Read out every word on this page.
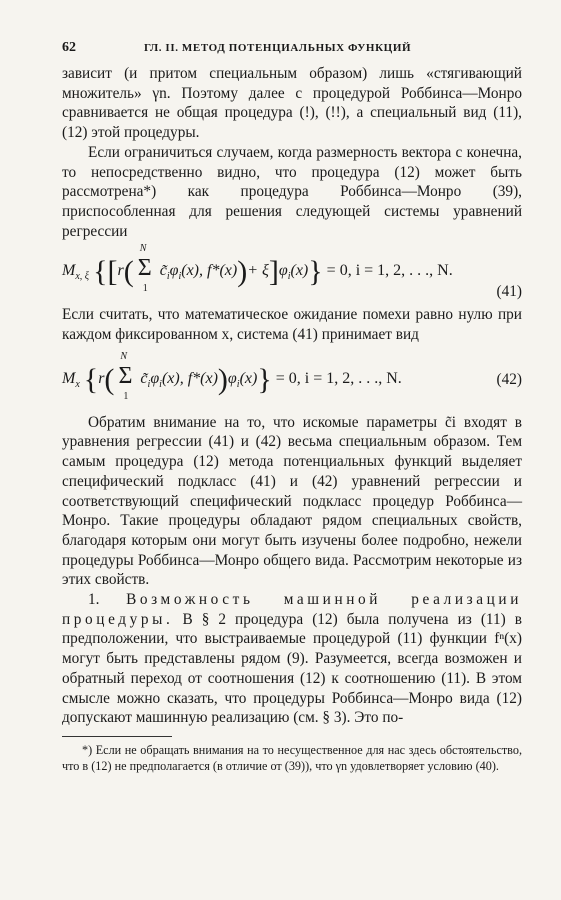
62	ГЛ. II. МЕТОД ПОТЕНЦИАЛЬНЫХ ФУНКЦИЙ

зависит (и притом специальным образом) лишь «стягивающий множитель» γn. Поэтому далее с процедурой Роббинса—Монро сравнивается не общая процедура (!), (!!), а специальный вид (11), (12) этой процедуры.

Если ограничиться случаем, когда размерность вектора c конечна, то непосредственно видно, что процедура (12) может быть рассмотрена*) как процедура Роббинса—Монро (39), приспособленная для решения следующей системы уравнений регрессии

$M_{x, \xi}$ {[r(
N
Σ
1
$c̃_i\varphi_i(x)$, $f*(x))+ \xi]\varphi_i(x)\} = 0$, i = 1, 2, . . ., N.
(41)

Если считать, что математическое ожидание помехи равно нулю при каждом фиксированном x, система (41) принимает вид

$M_x$ {r(
N
Σ
1
$c̃_i\varphi_i(x)$, $f*(x))\varphi_i(x)\} = 0$, i = 1, 2, . . ., N.	(42)

Обратим внимание на то, что искомые параметры c̃i входят в уравнения регрессии (41) и (42) весьма специальным образом. Тем самым процедура (12) метода потенциальных функций выделяет специфический подкласс (41) и (42) уравнений регрессии и соответствующий специфический подкласс процедур Роббинса—Монро. Такие процедуры обладают рядом специальных свойств, благодаря которым они могут быть изучены более подробно, нежели процедуры Роббинса—Монро общего вида. Рассмотрим некоторые из этих свойств.

1. Возможность машинной реализации процедуры. В § 2 процедура (12) была получена из (11) в предположении, что выстраиваемые процедурой (11) функции fⁿ(x) могут быть представлены рядом (9). Разумеется, всегда возможен и обратный переход от соотношения (12) к соотношению (11). В этом смысле можно сказать, что процедуры Роббинса—Монро вида (12) допускают машинную реализацию (см. § 3). Это по-

*) Если не обращать внимания на то несущественное для нас здесь обстоятельство, что в (12) не предполагается (в отличие от (39)), что γn удовлетворяет условию (40).
